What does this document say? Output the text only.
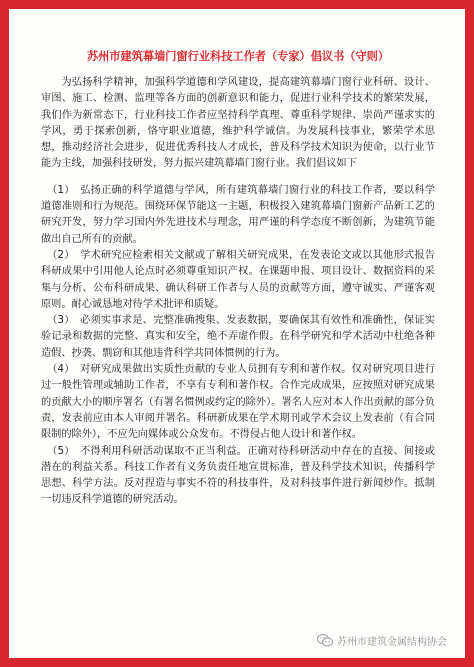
苏州市建筑幕墙门窗行业科技工作者（专家）倡议书（守则）

为弘扬科学精神，加强科学道德和学风建设，提高建筑幕墙门窗行业科研、设计、审图、施工、检测、监理等各方面的创新意识和能力，促进行业科学技术的繁荣发展，我们作为新常态下，行业科技工作者应坚持科学真理、尊重科学规律、崇尚严谨求实的学风，勇于探索创新，恪守职业道德，维护科学诚信。为发展科技事业，繁荣学术思想，推动经济社会进步，促进优秀科技人才成长，普及科学技术知识为使命，以行业节能为主线，加强科技研发，努力振兴建筑幕墙门窗行业。我们倡议如下

（1）　弘扬正确的科学道德与学风，所有建筑幕墙门窗行业的科技工作者，要以科学道德准则和行为规范。围绕环保节能这一主题，积极投入建筑幕墙门窗新产品新工艺的研究开发，努力学习国内外先进技术与理念，用严谨的科学态度不断创新，为建筑节能做出自己所有的贡献。

（2）　学术研究应检索相关文献或了解相关研究成果，在发表论文或以其他形式报告科研成果中引用他人论点时必须尊重知识产权。在课题申报、项目设计、数据资料的采集与分析、公布科研成果、确认科研工作者与人员的贡献等方面，遵守诚实、严谨客观原则。耐心诚恳地对待学术批评和质疑。

（3）　必须实事求是、完整准确搜集、发表数据，要确保其有效性和准确性，保证实验记录和数据的完整、真实和安全，绝不弄虚作假。在科学研究和学术活动中杜绝各种造假、抄袭、剽窃和其他违背科学共同体惯例的行为。

（4）　对研究成果做出实质性贡献的专业人员拥有专利和著作权。仅对研究项目进行过一般性管理或辅助工作者，不享有专利和著作权。合作完成成果，应按照对研究成果的贡献大小的顺序署名（有署名惯例或约定的除外）。署名人应对本人作出贡献的部分负责，发表前应由本人审阅并署名。科研新成果在学术期刊或学术会议上发表前（有合同限制的除外），不应先向媒体或公众发布。不得侵占他人设计和著作权。

（5）　不得利用科研活动谋取不正当利益。正确对待科研活动中存在的直接、间接或潜在的利益关系。科技工作者有义务负责任地宣贯标准，普及科学技术知识，传播科学思想、科学方法。反对捏造与事实不符的科技事件，及对科技事件进行新闻炒作。抵制一切违反科学道德的研究活动。

苏州市建筑金属结构协会
